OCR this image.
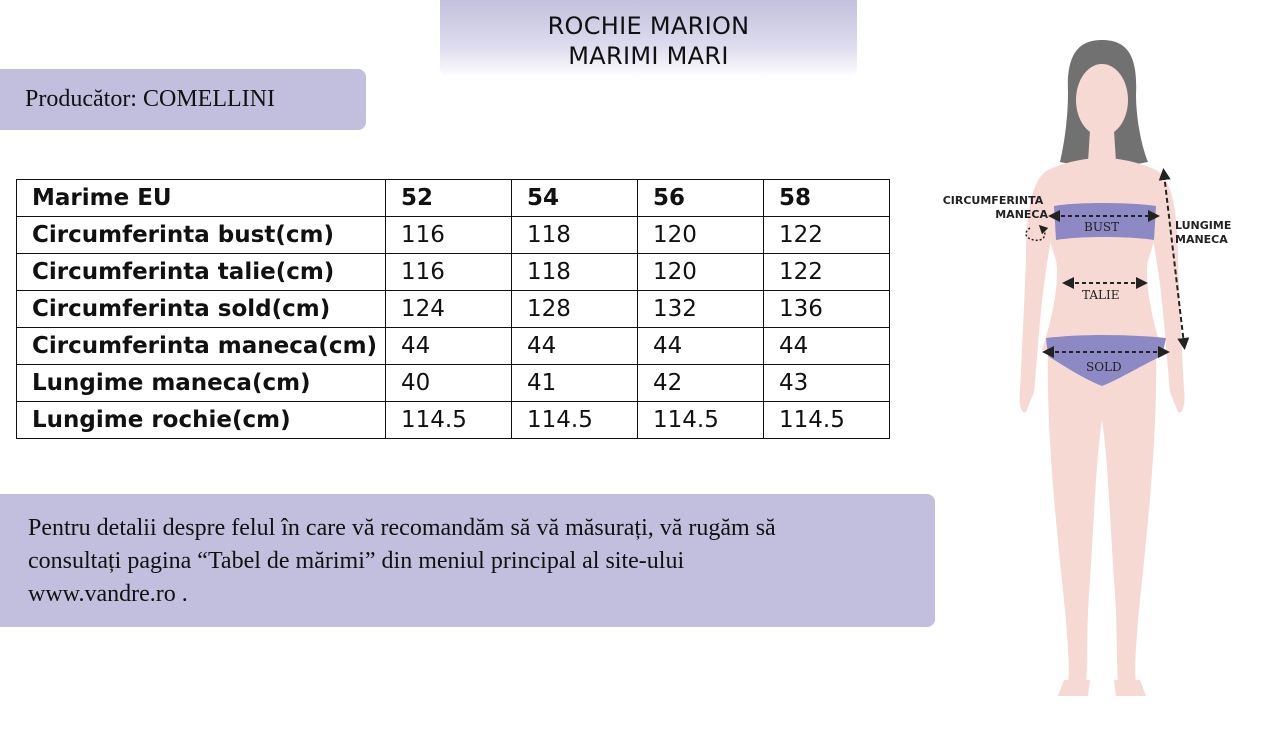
ROCHIE MARION
MARIMI MARI
Producător: COMELLINI
Marime EU	52	54	56	58
Circumferinta bust(cm)	116	118	120	122
Circumferinta talie(cm)	116	118	120	122
Circumferinta sold(cm)	124	128	132	136
Circumferinta maneca(cm)	44	44	44	44
Lungime maneca(cm)	40	41	42	43
Lungime rochie(cm)	114.5	114.5	114.5	114.5
Pentru detalii despre felul în care vă recomandăm să vă măsurați, vă rugăm să
consultați pagina “Tabel de mărimi” din meniul principal al site-ului
www.vandre.ro .
CIRCUMFERINTA
MANECA
LUNGIME
MANECA
BUST
TALIE
SOLD
